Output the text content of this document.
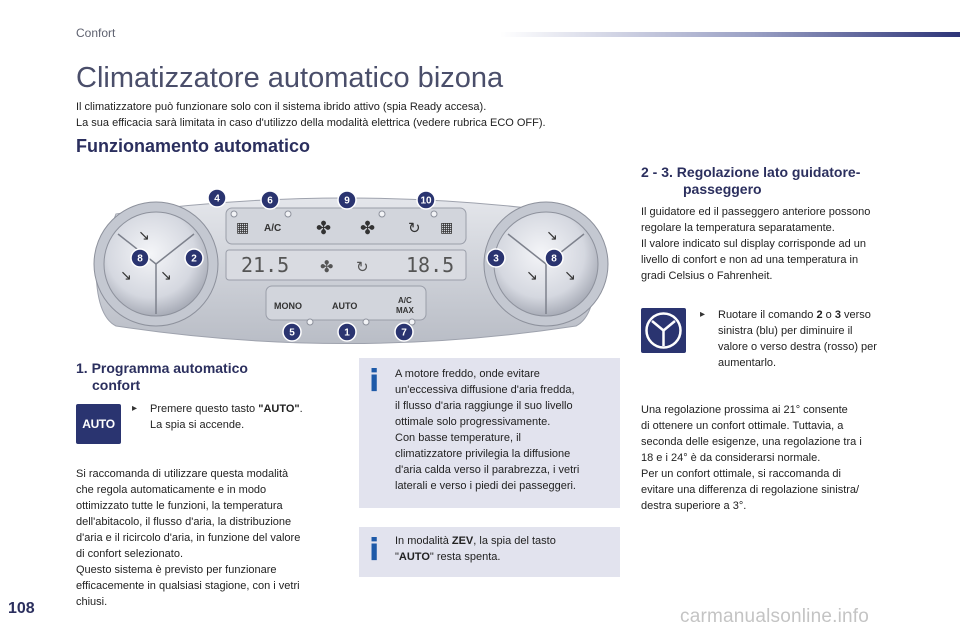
Confort
Climatizzatore automatico bizona
Il climatizzatore può funzionare solo con il sistema ibrido attivo (spia Ready accesa).
La sua efficacia sarà limitata in caso d'utilizzo della modalità elettrica (vedere rubrica ECO OFF).
Funzionamento automatico
↘
↘ ↘
↘
↘ ↘
▦ A/C ✤ ✤ ↻ ▦
21.5 ✤ ↻ 18.5
MONO	AUTO
A/C
MAX
4	6	9	10
8	2	3	8
5	1	7
1. Programma automatico
confort
AUTO
▸	Premere questo tasto "AUTO".
La spia si accende.
Si raccomanda di utilizzare questa modalità
che regola automaticamente e in modo
ottimizzato tutte le funzioni, la temperatura
dell'abitacolo, il flusso d'aria, la distribuzione
d'aria e il ricircolo d'aria, in funzione del valore
di confort selezionato.
Questo sistema è previsto per funzionare
efficacemente in qualsiasi stagione, con i vetri
chiusi.
i A motore freddo, onde evitare
un'eccessiva diffusione d'aria fredda,
il flusso d'aria raggiunge il suo livello
ottimale solo progressivamente.
Con basse temperature, il
climatizzatore privilegia la diffusione
d'aria calda verso il parabrezza, i vetri
laterali e verso i piedi dei passeggeri.
i In modalità ZEV, la spia del tasto
"AUTO" resta spenta.
2 - 3. Regolazione lato guidatore-
passeggero
Il guidatore ed il passeggero anteriore possono
regolare la temperatura separatamente.
Il valore indicato sul display corrisponde ad un
livello di confort e non ad una temperatura in
gradi Celsius o Fahrenheit.
▸	Ruotare il comando 2 o 3 verso
sinistra (blu) per diminuire il
valore o verso destra (rosso) per
aumentarlo.
Una regolazione prossima ai 21° consente
di ottenere un confort ottimale. Tuttavia, a
seconda delle esigenze, una regolazione tra i
18 e i 24° è da considerarsi normale.
Per un confort ottimale, si raccomanda di
evitare una differenza di regolazione sinistra/
destra superiore a 3°.
108	carmanualsonline.info
